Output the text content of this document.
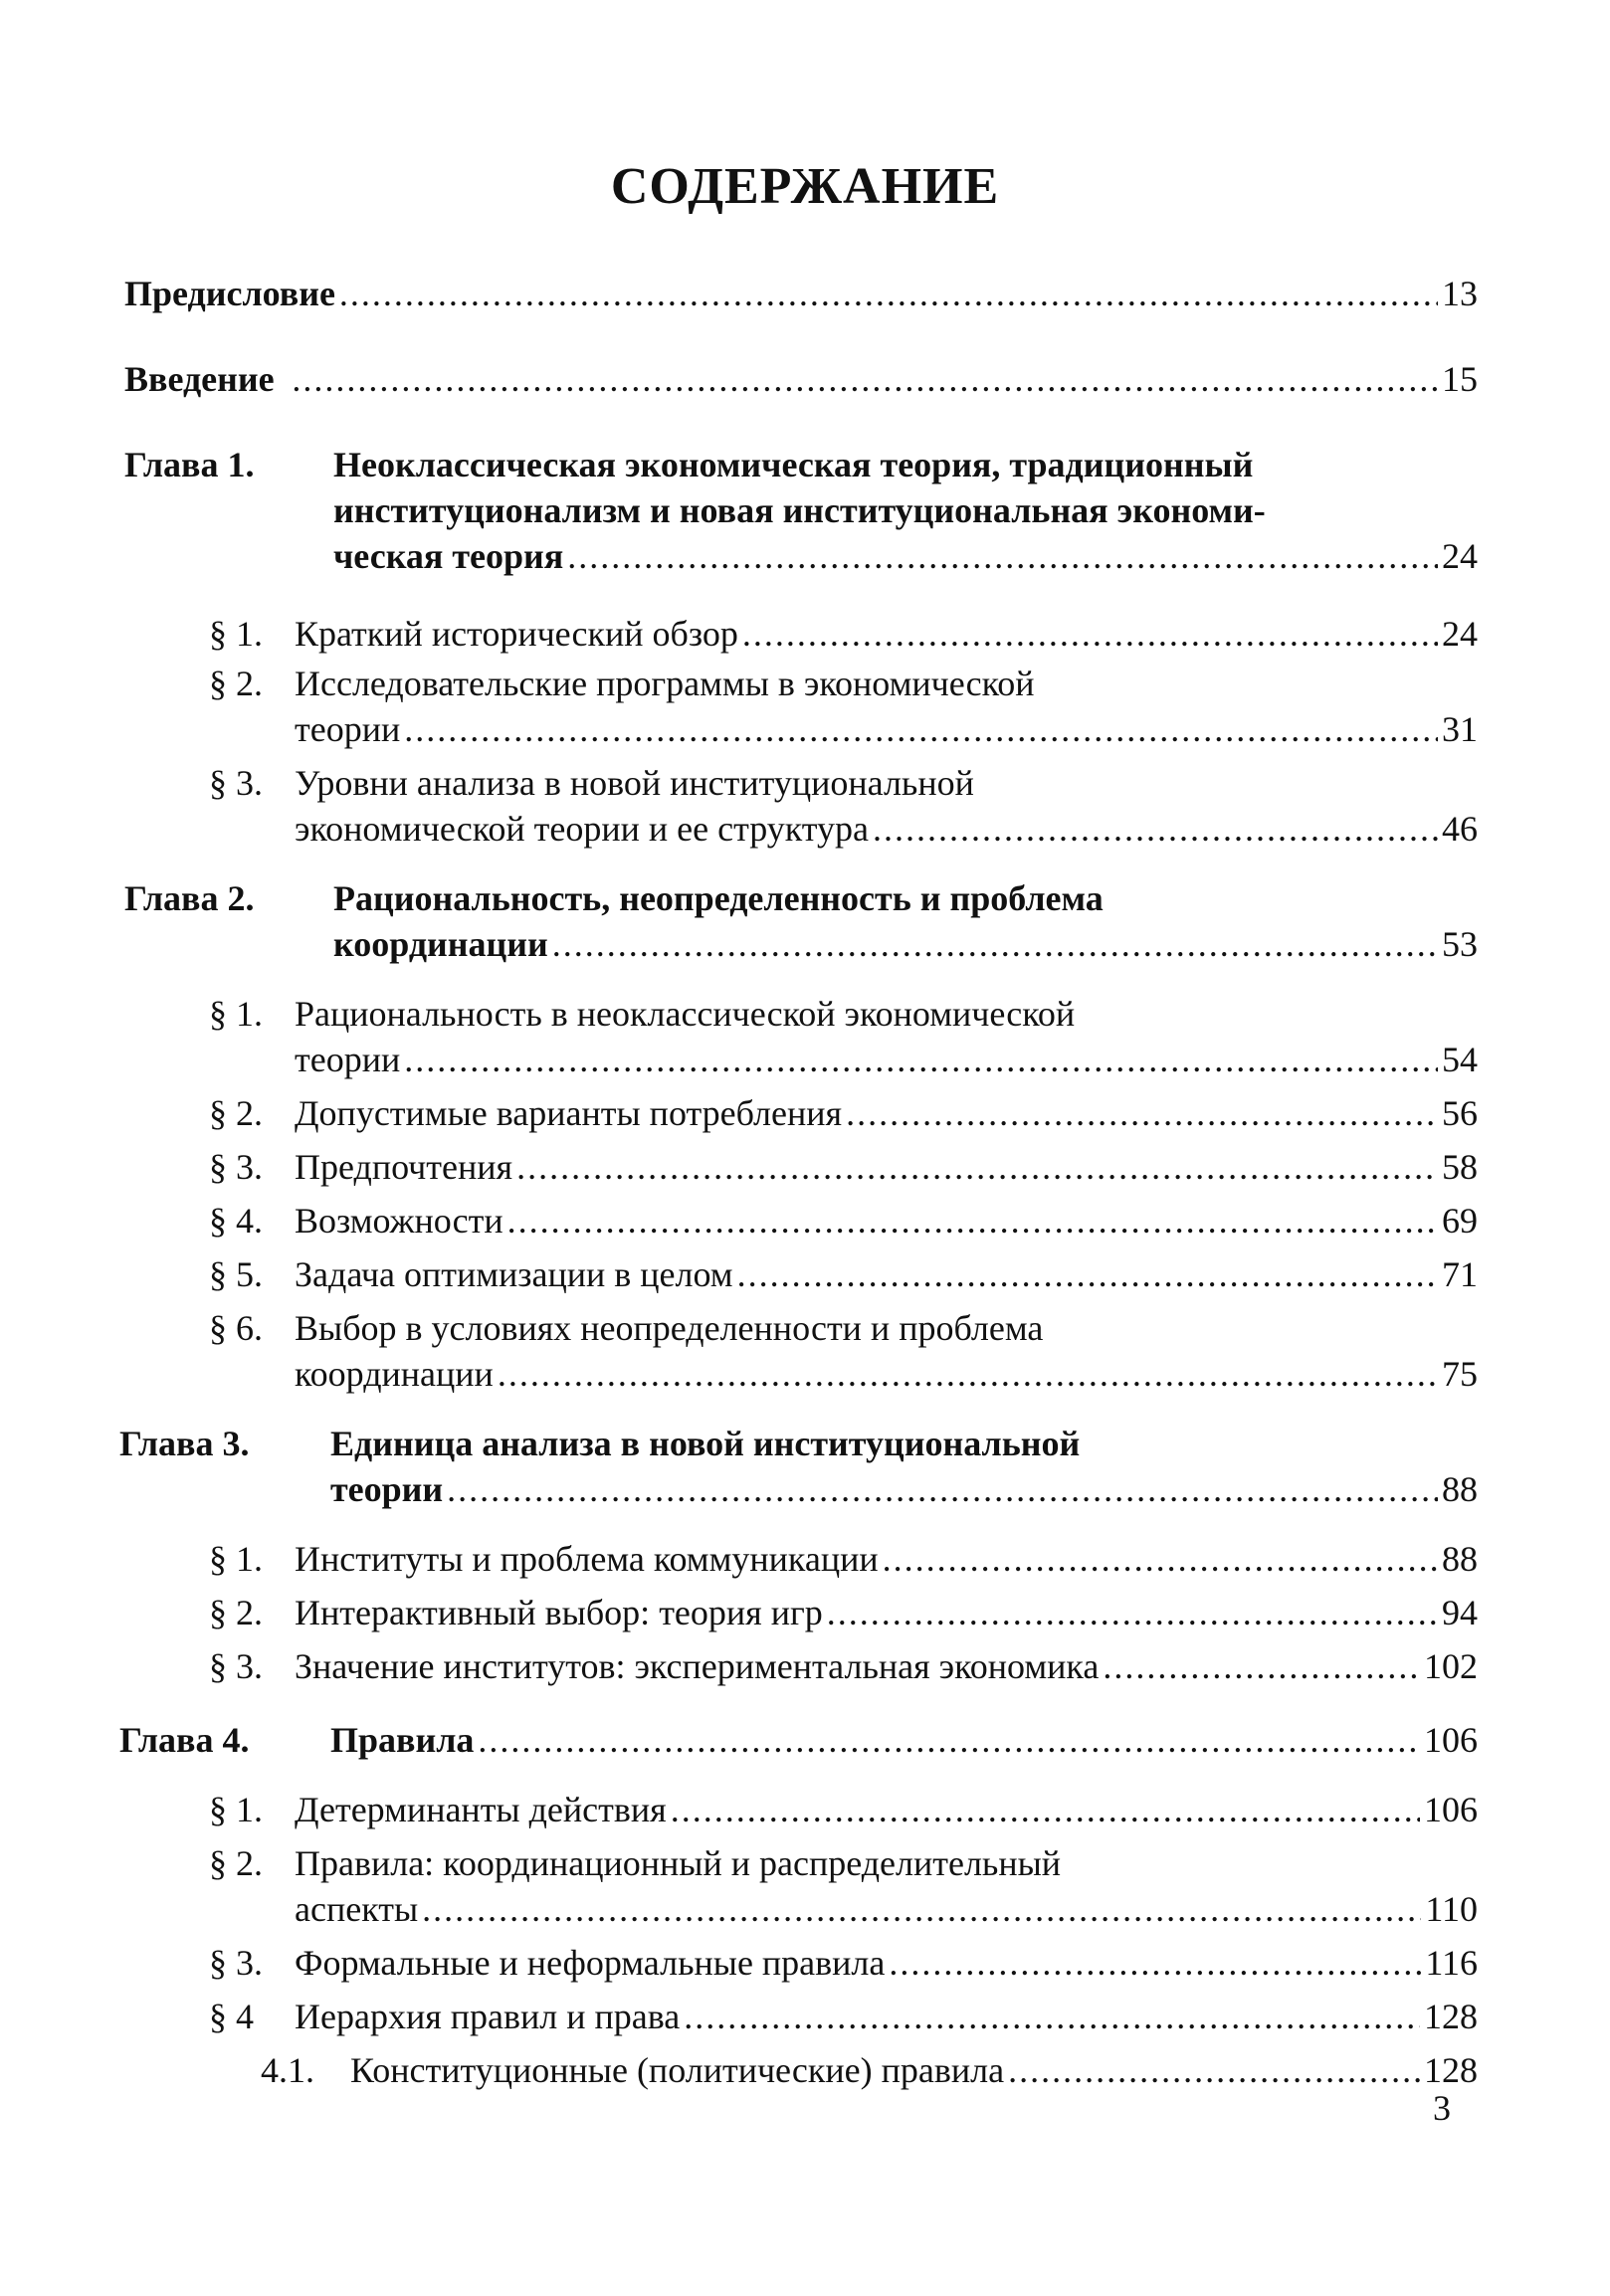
СОДЕРЖАНИЕ
Предисловие .....	13
Введение .....	15
Глава 1. Неоклассическая экономическая теория, традиционный
институционализм и новая институциональная экономи-
ческая теория .....	24
§ 1. Краткий исторический обзор .....	24
§ 2. Исследовательские программы в экономической
теории .....	31
§ 3. Уровни анализа в новой институциональной
экономической теории и ее структура .....	46
Глава 2. Рациональность, неопределенность и проблема
координации .....	53
§ 1. Рациональность в неоклассической экономической
теории .....	54
§ 2. Допустимые варианты потребления .....	56
§ 3. Предпочтения .....	58
§ 4. Возможности .....	69
§ 5. Задача оптимизации в целом .....	71
§ 6. Выбор в условиях неопределенности и проблема
координации .....	75
Глава 3. Единица анализа в новой институциональной
теории .....	88
§ 1. Институты и проблема коммуникации .....	88
§ 2. Интерактивный выбор: теория игр .....	94
§ 3. Значение институтов: экспериментальная экономика .....	102
Глава 4. Правила .....	106
§ 1. Детерминанты действия .....	106
§ 2. Правила: координационный и распределительный
аспекты .....	110
§ 3. Формальные и неформальные правила .....	116
§ 4 Иерархия правил и права .....	128
4.1. Конституционные (политические) правила .....	128
3
